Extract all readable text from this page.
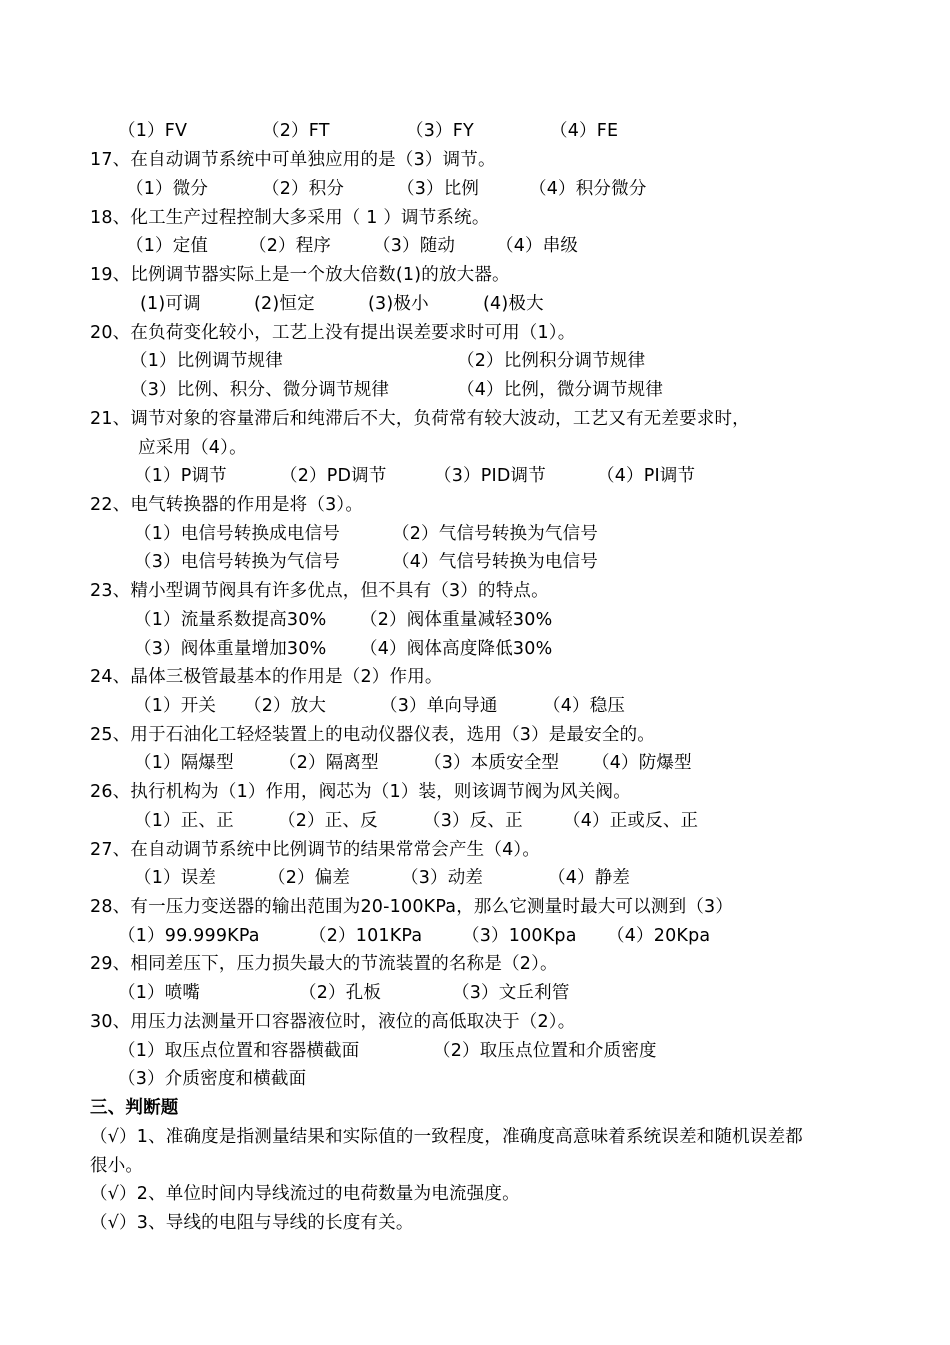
（1）FV	（2）FT	（3）FY	（4）FE
17、在自动调节系统中可单独应用的是（3）调节。
（1）微分	（2）积分	（3）比例	（4）积分微分
18、化工生产过程控制大多采用（ 1 ）调节系统。
（1）定值 （2）程序 （3）随动 （4）串级
19、比例调节器实际上是一个放大倍数(1)的放大器。
(1)可调	(2)恒定	(3)极小	(4)极大
20、在负荷变化较小，工艺上没有提出误差要求时可用（1）。
（1）比例调节规律	（2）比例积分调节规律
（3）比例、积分、微分调节规律	（4）比例，微分调节规律
21、调节对象的容量滞后和纯滞后不大，负荷常有较大波动，工艺又有无差要求时，
应采用（4）。
（1）P调节	（2）PD调节	（3）PID调节	（4）PI调节
22、电气转换器的作用是将（3）。
（1）电信号转换成电信号	（2）气信号转换为气信号
（3）电信号转换为气信号	（4）气信号转换为电信号
23、精小型调节阀具有许多优点，但不具有（3）的特点。
（1）流量系数提高30% （2）阀体重量减轻30%
（3）阀体重量增加30% （4）阀体高度降低30%
24、晶体三极管最基本的作用是（2）作用。
（1）开关 （2）放大	（3）单向导通	（4）稳压
25、用于石油化工轻烃装置上的电动仪器仪表，选用（3）是最安全的。
（1）隔爆型	（2）隔离型	（3）本质安全型 （4）防爆型
26、执行机构为（1）作用，阀芯为（1）装，则该调节阀为风关阀。
（1）正、正	（2）正、反	（3）反、正 （4）正或反、正
27、在自动调节系统中比例调节的结果常常会产生（4）。
（1）误差	（2）偏差	（3）动差	（4）静差
28、有一压力变送器的输出范围为20-100KPa，那么它测量时最大可以测到（3）
（1）99.999KPa	（2）101KPa （3）100Kpa （4）20Kpa
29、相同差压下，压力损失最大的节流装置的名称是（2）。
（1）喷嘴	（2）孔板	（3）文丘利管
30、用压力法测量开口容器液位时，液位的高低取决于（2）。
（1）取压点位置和容器横截面	（2）取压点位置和介质密度
（3）介质密度和横截面
三、判断题
（√）1、准确度是指测量结果和实际值的一致程度，准确度高意味着系统误差和随机误差都
很小。
（√）2、单位时间内导线流过的电荷数量为电流强度。
（√）3、导线的电阻与导线的长度有关。
